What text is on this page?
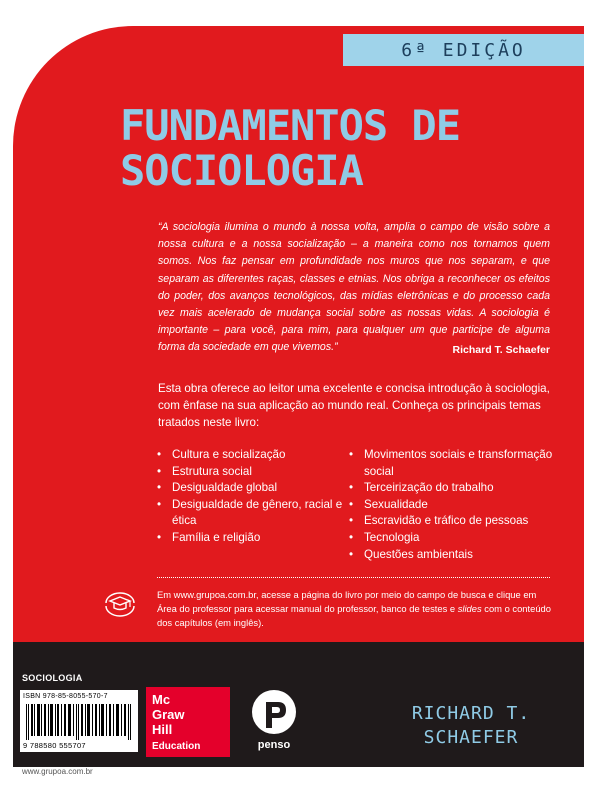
6ª EDIÇÃO
FUNDAMENTOS DE
SOCIOLOGIA
“A sociologia ilumina o mundo à nossa volta, amplia o campo de visão sobre a nossa cultura e a nossa socialização – a maneira como nos tornamos quem somos. Nos faz pensar em profundidade nos muros que nos separam, e que separam as diferentes raças, classes e etnias. Nos obriga a reconhecer os efeitos do poder, dos avanços tecnológicos, das mídias eletrônicas e do processo cada vez mais acelerado de mudança social sobre as nossas vidas. A sociologia é importante – para você, para mim, para qualquer um que participe de alguma forma da sociedade em que vivemos.”	Richard T. Schaefer
Esta obra oferece ao leitor uma excelente e concisa introdução à sociologia, com ênfase na sua aplicação ao mundo real. Conheça os principais temas tratados neste livro:
• Cultura e socialização
• Estrutura social
• Desigualdade global
• Desigualdade de gênero, racial e ética
• Família e religião
• Movimentos sociais e transformação social
• Terceirização do trabalho
• Sexualidade
• Escravidão e tráfico de pessoas
• Tecnologia
• Questões ambientais
Em www.grupoa.com.br, acesse a página do livro por meio do campo de busca e clique em Área do professor para acessar manual do professor, banco de testes e slides com o conteúdo dos capítulos (em inglês).
SOCIOLOGIA
ISBN 978-85-8055-570-7
9 788580 555707
Mc
Graw
Hill
Education	penso
RICHARD T.
SCHAEFER
www.grupoa.com.br
